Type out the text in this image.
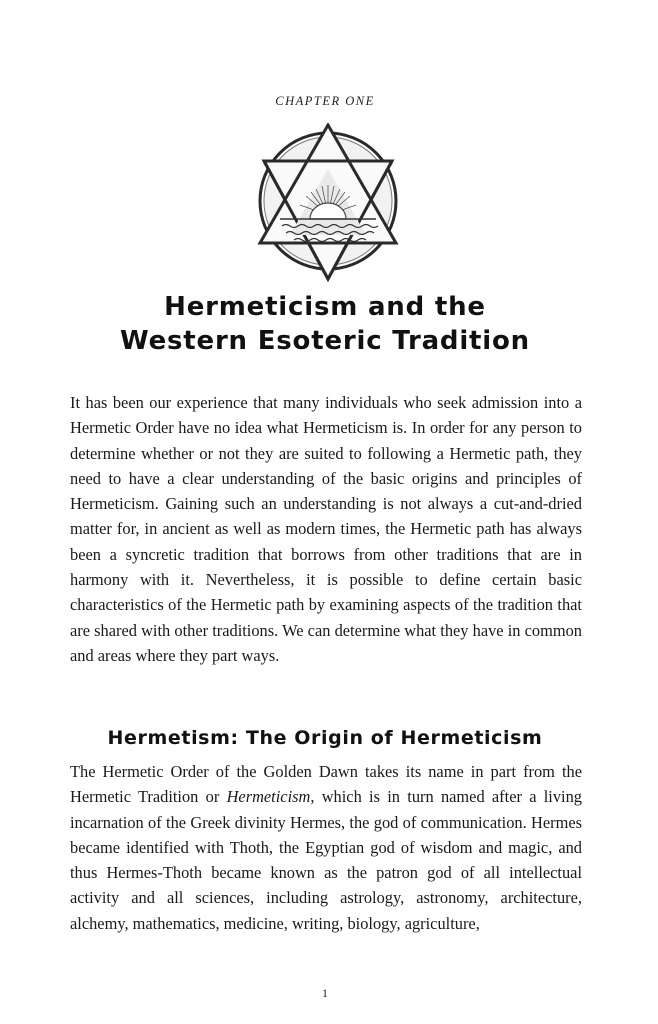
CHAPTER ONE
Hermeticism and the
Western Esoteric Tradition

It has been our experience that many individuals who seek admission into a Hermetic Order have no idea what Hermeticism is. In order for any person to determine whether or not they are suited to following a Hermetic path, they need to have a clear understanding of the basic origins and principles of Hermeticism. Gaining such an understanding is not always a cut-and-dried matter for, in ancient as well as modern times, the Hermetic path has always been a syncretic tradition that borrows from other traditions that are in harmony with it. Nevertheless, it is possible to define certain basic characteristics of the Hermetic path by examining aspects of the tradition that are shared with other traditions. We can determine what they have in common and areas where they part ways.

Hermetism: The Origin of Hermeticism

The Hermetic Order of the Golden Dawn takes its name in part from the Hermetic Tradition or Hermeticism, which is in turn named after a living incarnation of the Greek divinity Hermes, the god of communication. Hermes became identified with Thoth, the Egyptian god of wisdom and magic, and thus Hermes-Thoth became known as the patron god of all intellectual activity and all sciences, including astrology, astronomy, architecture, alchemy, mathematics, medicine, writing, biology, agriculture,

1
